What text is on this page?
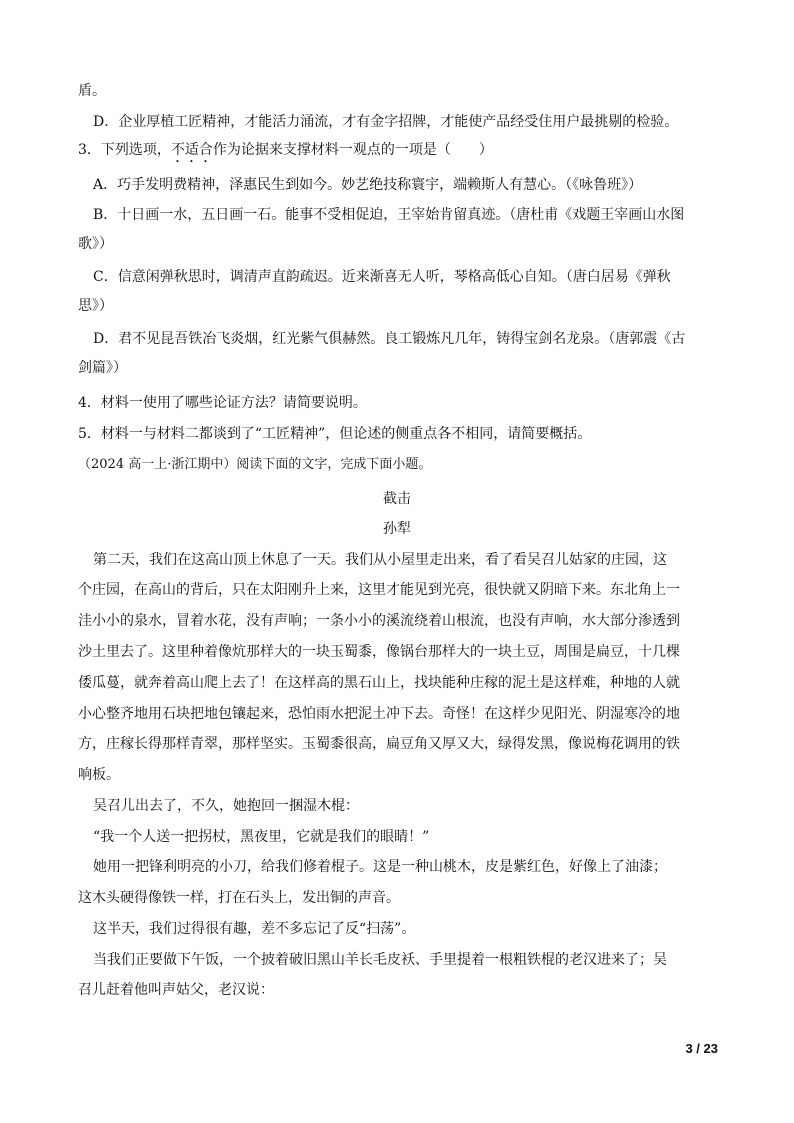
盾。
D．企业厚植工匠精神，才能活力涌流，才有金字招牌，才能使产品经受住用户最挑剔的检验。
3．下列选项，不适合作为论据来支撑材料一观点的一项是（　　）
A．巧手发明费精神，泽惠民生到如今。妙艺绝技称寰宇，端赖斯人有慧心。（《咏鲁班》）
B．十日画一水，五日画一石。能事不受相促迫，王宰始肯留真迹。（唐杜甫《戏题王宰画山水图
歌》）
C．信意闲弹秋思时，调清声直韵疏迟。近来渐喜无人听，琴格高低心自知。（唐白居易《弹秋
思》）
D．君不见昆吾铁冶飞炎烟，红光紫气俱赫然。良工锻炼凡几年，铸得宝剑名龙泉。（唐郭震《古
剑篇》）
4．材料一使用了哪些论证方法？请简要说明。
5．材料一与材料二都谈到了“工匠精神”，但论述的侧重点各不相同，请简要概括。
（2024 高一上·浙江期中）阅读下面的文字，完成下面小题。
截击
孙犁
第二天，我们在这高山顶上休息了一天。我们从小屋里走出来，看了看吴召儿姑家的庄园，这
个庄园，在高山的背后，只在太阳刚升上来，这里才能见到光亮，很快就又阴暗下来。东北角上一
洼小小的泉水，冒着水花，没有声响；一条小小的溪流绕着山根流，也没有声响，水大部分渗透到
沙土里去了。这里种着像炕那样大的一块玉蜀黍，像锅台那样大的一块土豆，周围是扁豆，十几棵
倭瓜蔓，就奔着高山爬上去了！在这样高的黑石山上，找块能种庄稼的泥土是这样难，种地的人就
小心整齐地用石块把地包镶起来，恐怕雨水把泥土冲下去。奇怪！在这样少见阳光、阴湿寒冷的地
方，庄稼长得那样青翠，那样坚实。玉蜀黍很高，扁豆角又厚又大，绿得发黑，像说梅花调用的铁
响板。
吴召儿出去了，不久，她抱回一捆湿木棍：
“我一个人送一把拐杖，黑夜里，它就是我们的眼睛！”
她用一把锋利明亮的小刀，给我们修着棍子。这是一种山桃木，皮是紫红色，好像上了油漆；
这木头硬得像铁一样，打在石头上，发出铜的声音。
这半天，我们过得很有趣，差不多忘记了反“扫荡”。
当我们正要做下午饭，一个披着破旧黑山羊长毛皮袄、手里提着一根粗铁棍的老汉进来了；吴
召儿赶着他叫声姑父，老汉说：
3 / 23
